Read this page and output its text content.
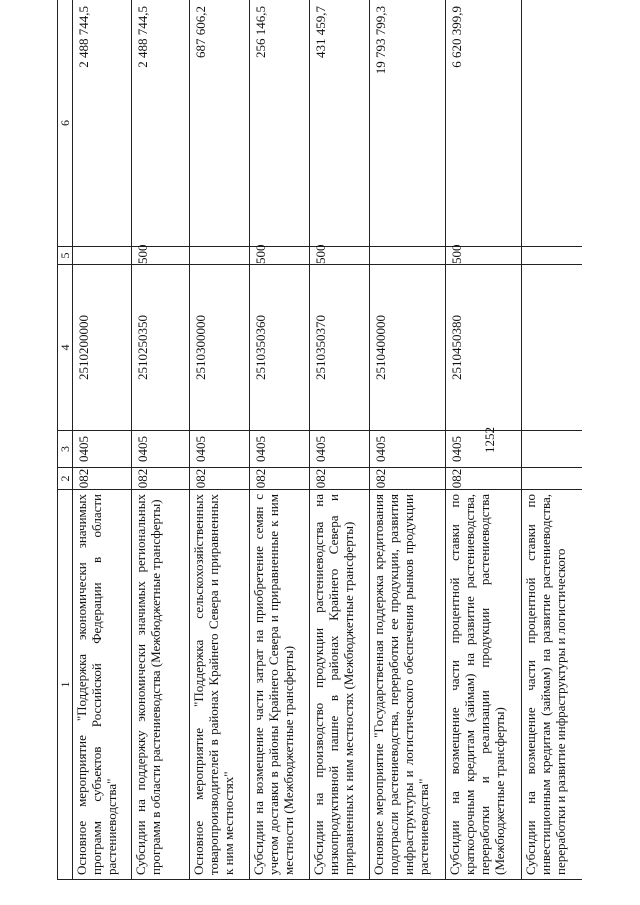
1	2	3	4	5	6
Основное мероприятие "Поддержка экономически значимых программ субъектов Российской Федерации в области растениеводства"	082	0405	2510200000		2 488 744,5
Субсидии на поддержку экономически значимых региональных программ в области растениеводства (Межбюджетные трансферты)	082	0405	2510250350	500	2 488 744,5
Основное мероприятие "Поддержка сельскохозяйственных товаропроизводителей в районах Крайнего Севера и приравненных к ним местностях"	082	0405	2510300000		687 606,2
Субсидии на возмещение части затрат на приобретение семян с учетом доставки в районы Крайнего Севера и приравненные к ним местности (Межбюджетные трансферты)	082	0405	2510350360	500	256 146,5
Субсидии на производство продукции растениеводства на низкопродуктивной пашне в районах Крайнего Севера и приравненных к ним местностях (Межбюджетные трансферты)	082	0405	2510350370	500	431 459,7
Основное мероприятие "Государственная поддержка кредитования подотрасли растениеводства, переработки ее продукции, развития инфраструктуры и логистического обеспечения рынков продукции растениеводства"	082	0405	2510400000		19 793 799,3
Субсидии на возмещение части процентной ставки по краткосрочным кредитам (займам) на развитие растениеводства, переработки и реализации продукции растениеводства (Межбюджетные трансферты)	082	0405	2510450380	500	6 620 399,9
Субсидии на возмещение части процентной ставки по инвестиционным кредитам (займам) на развитие растениеводства, переработки и развитие инфраструктуры и логистического					
1252
